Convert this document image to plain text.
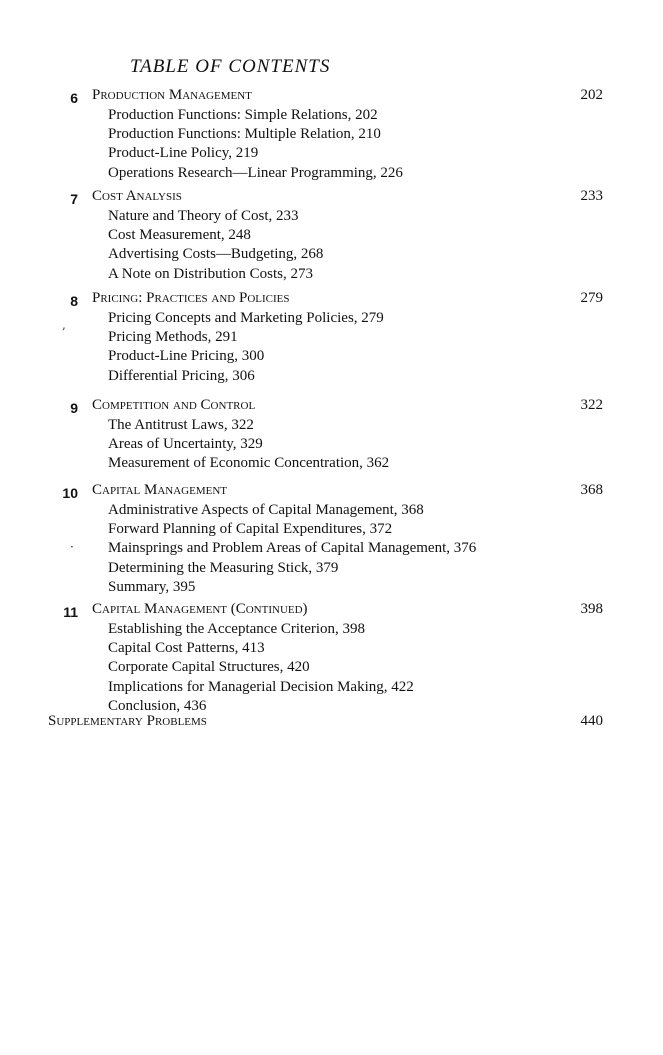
TABLE OF CONTENTS
6 Production Management	202
Production Functions: Simple Relations, 202
Production Functions: Multiple Relation, 210
Product-Line Policy, 219
Operations Research—Linear Programming, 226
7 Cost Analysis	233
Nature and Theory of Cost, 233
Cost Measurement, 248
Advertising Costs—Budgeting, 268
A Note on Distribution Costs, 273
8 Pricing: Practices and Policies	279
Pricing Concepts and Marketing Policies, 279
Pricing Methods, 291
Product-Line Pricing, 300
Differential Pricing, 306
9 Competition and Control	322
The Antitrust Laws, 322
Areas of Uncertainty, 329
Measurement of Economic Concentration, 362
10 Capital Management	368
Administrative Aspects of Capital Management, 368
Forward Planning of Capital Expenditures, 372
Mainsprings and Problem Areas of Capital Management, 376
Determining the Measuring Stick, 379
Summary, 395
11 Capital Management (Continued)	398
Establishing the Acceptance Criterion, 398
Capital Cost Patterns, 413
Corporate Capital Structures, 420
Implications for Managerial Decision Making, 422
Conclusion, 436
Supplementary Problems	440
,
·
